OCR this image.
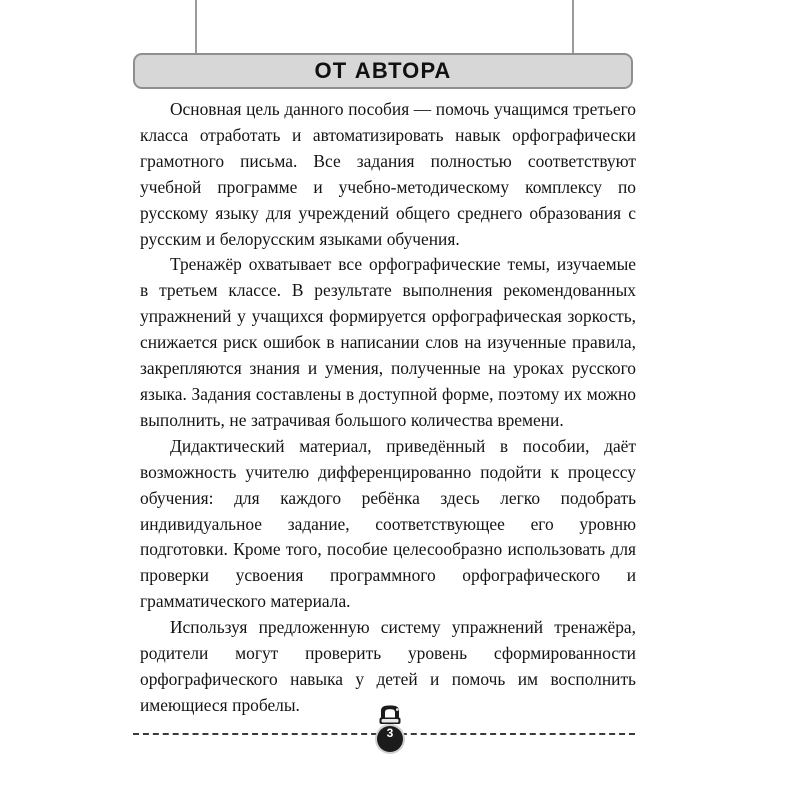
ОТ АВТОРА

Основная цель данного пособия — помочь учащимся третьего класса отработать и автоматизировать навык орфографически грамотного письма. Все задания полностью соответствуют учебной программе и учебно-методическому комплексу по русскому языку для учреждений общего среднего образования с русским и белорусским языками обучения.

Тренажёр охватывает все орфографические темы, изучаемые в третьем классе. В результате выполнения рекомендованных упражнений у учащихся формируется орфографическая зоркость, снижается риск ошибок в написании слов на изученные правила, закрепляются знания и умения, полученные на уроках русского языка. Задания составлены в доступной форме, поэтому их можно выполнить, не затрачивая большого количества времени.

Дидактический материал, приведённый в пособии, даёт возможность учителю дифференцированно подойти к процессу обучения: для каждого ребёнка здесь легко подобрать индивидуальное задание, соответствующее его уровню подготовки. Кроме того, пособие целесообразно использовать для проверки усвоения программного орфографического и грамматического материала.

Используя предложенную систему упражнений тренажёра, родители могут проверить уровень сформированности орфографического навыка у детей и помочь им восполнить имеющиеся пробелы.

3
